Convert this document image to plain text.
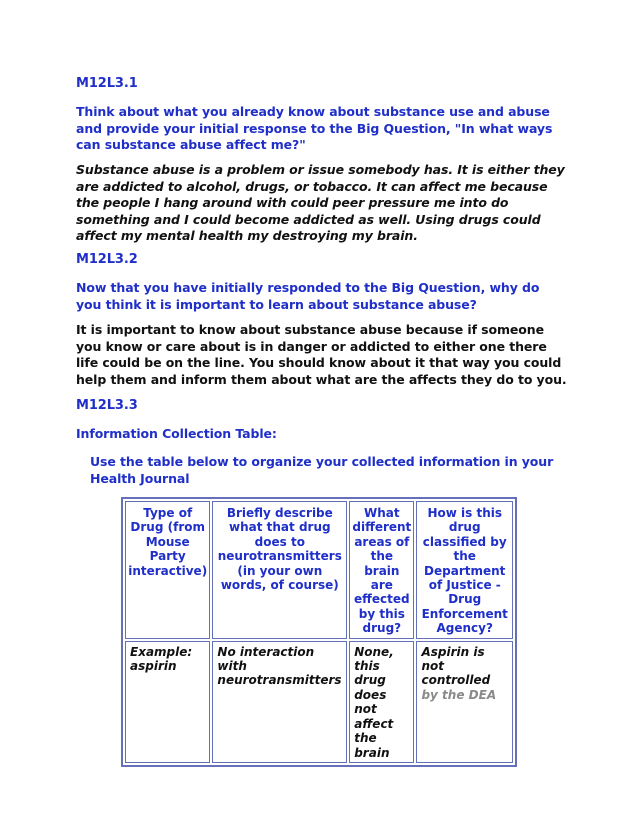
M12L3.1
Think about what you already know about substance use and abuse and provide your initial response to the Big Question, "In what ways can substance abuse affect me?"
Substance abuse is a problem or issue somebody has. It is either they are addicted to alcohol, drugs, or tobacco. It can affect me because the people I hang around with could peer pressure me into do something and I could become addicted as well. Using drugs could affect my mental health my destroying my brain.
M12L3.2
Now that you have initially responded to the Big Question, why do you think it is important to learn about substance abuse?
It is important to know about substance abuse because if someone you know or care about is in danger or addicted to either one there life could be on the line. You should know about it that way you could help them and inform them about what are the affects they do to you.
M12L3.3
Information Collection Table:
Use the table below to organize your collected information in your Health Journal
Type of Drug (from Mouse Party interactive)	Briefly describe what that drug does to neurotransmitters (in your own words, of course)	What different areas of the brain are effected by this drug?	How is this drug classified by the Department of Justice - Drug Enforcement Agency?
Example: aspirin	No interaction with neurotransmitters	None, this drug does not affect the brain	Aspirin is not controlled by the DEA
